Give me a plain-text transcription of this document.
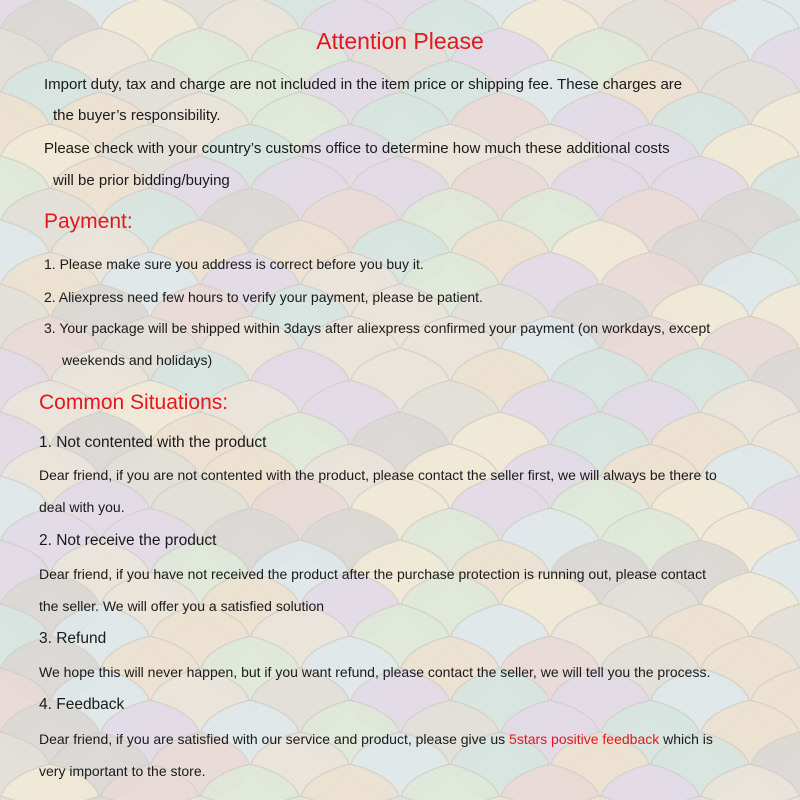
Attention Please
Import duty, tax and charge are not included in the item price or shipping fee. These charges are
the buyer’s responsibility.
Please check with your country’s customs office to determine how much these additional costs
will be prior bidding/buying
Payment:
1. Please make sure you address is correct before you buy it.
2. Aliexpress need few hours to verify your payment, please be patient.
3. Your package will be shipped within 3days after aliexpress confirmed your payment (on workdays, except
weekends and holidays)
Common Situations:
1. Not contented with the product
Dear friend, if you are not contented with the product, please contact the seller first, we will always be there to
deal with you.
2. Not receive the product
Dear friend, if you have not received the product after the purchase protection is running out, please contact
the seller. We will offer you a satisfied solution
3. Refund
We hope this will never happen, but if you want refund, please contact the seller, we will tell you the process.
4. Feedback
Dear friend, if you are satisfied with our service and product, please give us 5stars positive feedback which is
very important to the store.
